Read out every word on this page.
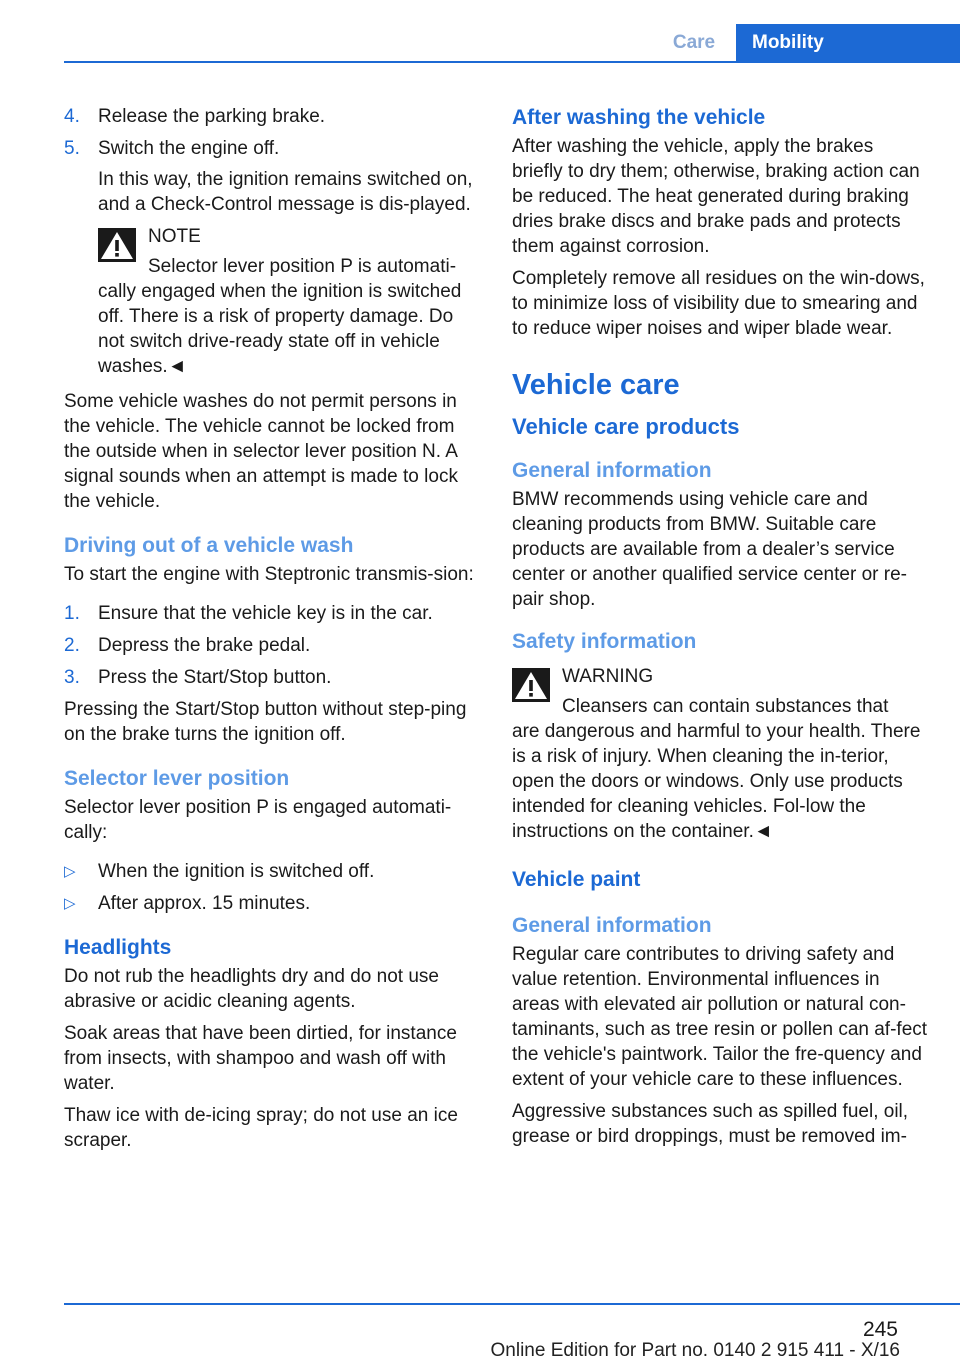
Care	Mobility
4. Release the parking brake.
5. Switch the engine off.

In this way, the ignition remains switched on, and a Check-Control message is dis-played.

NOTE
Selector lever position P is automati-
cally engaged when the ignition is switched off. There is a risk of property damage. Do not switch drive-ready state off in vehicle washes.◄

Some vehicle washes do not permit persons in the vehicle. The vehicle cannot be locked from the outside when in selector lever position N. A signal sounds when an attempt is made to lock the vehicle.

Driving out of a vehicle wash

To start the engine with Steptronic transmis-sion:

1. Ensure that the vehicle key is in the car.
2. Depress the brake pedal.
3. Press the Start/Stop button.

Pressing the Start/Stop button without step-ping on the brake turns the ignition off.

Selector lever position

Selector lever position P is engaged automati-cally:

▷ When the ignition is switched off.
▷ After approx. 15 minutes.
Headlights

Do not rub the headlights dry and do not use abrasive or acidic cleaning agents.

Soak areas that have been dirtied, for instance from insects, with shampoo and wash off with water.

Thaw ice with de-icing spray; do not use an ice scraper.

After washing the vehicle

After washing the vehicle, apply the brakes briefly to dry them; otherwise, braking action can be reduced. The heat generated during braking dries brake discs and brake pads and protects them against corrosion.

Completely remove all residues on the win-dows, to minimize loss of visibility due to smearing and to reduce wiper noises and wiper blade wear.

Vehicle care
Vehicle care products
General information

BMW recommends using vehicle care and cleaning products from BMW. Suitable care products are available from a dealer’s service center or another qualified service center or re-pair shop.

Safety information
WARNING
Cleansers can contain substances that
are dangerous and harmful to your health. There is a risk of injury. When cleaning the in-terior, open the doors or windows. Only use products intended for cleaning vehicles. Fol-low the instructions on the container.◄
Vehicle paint
General information

Regular care contributes to driving safety and value retention. Environmental influences in areas with elevated air pollution or natural con-taminants, such as tree resin or pollen can af-fect the vehicle's paintwork. Tailor the fre-quency and extent of your vehicle care to these influences.

Aggressive substances such as spilled fuel, oil, grease or bird droppings, must be removed im-

245
Online Edition for Part no. 0140 2 915 411 - X/16
